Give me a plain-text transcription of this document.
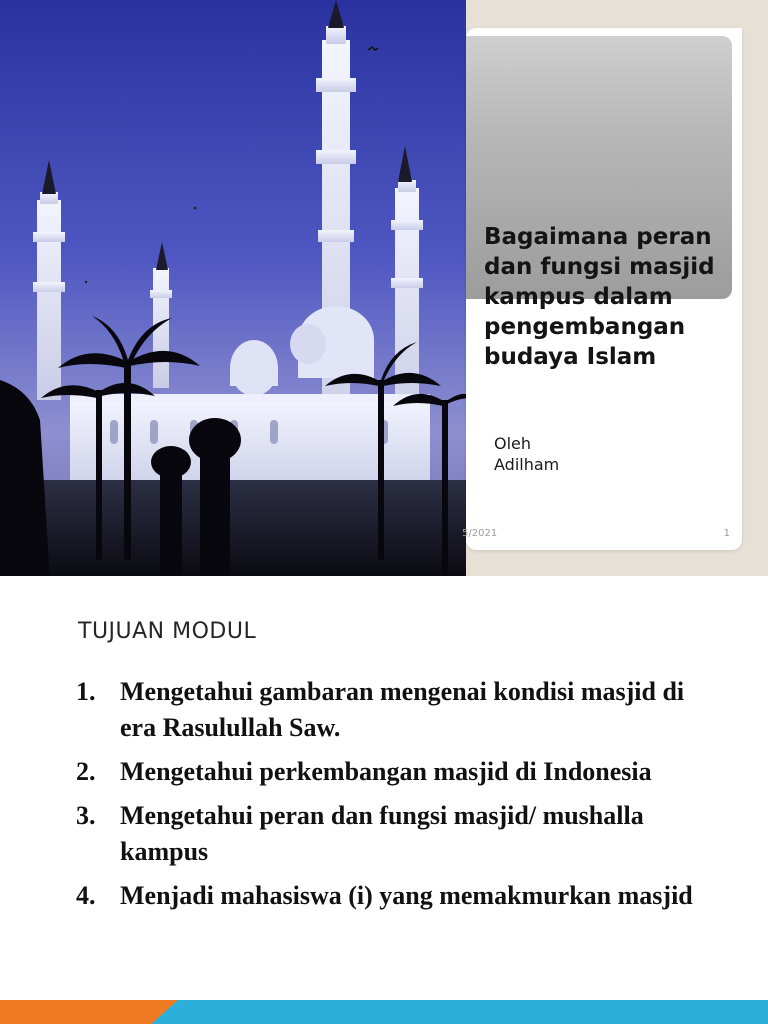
Bagaimana peran dan fungsi masjid kampus dalam pengembangan budaya Islam
Oleh
Adilham
5/2021	1
TUJUAN MODUL
1. Mengetahui gambaran mengenai kondisi masjid di era Rasulullah Saw.
2. Mengetahui perkembangan masjid di Indonesia
3. Mengetahui peran dan fungsi masjid/ mushalla kampus
4. Menjadi mahasiswa (i) yang memakmurkan masjid
